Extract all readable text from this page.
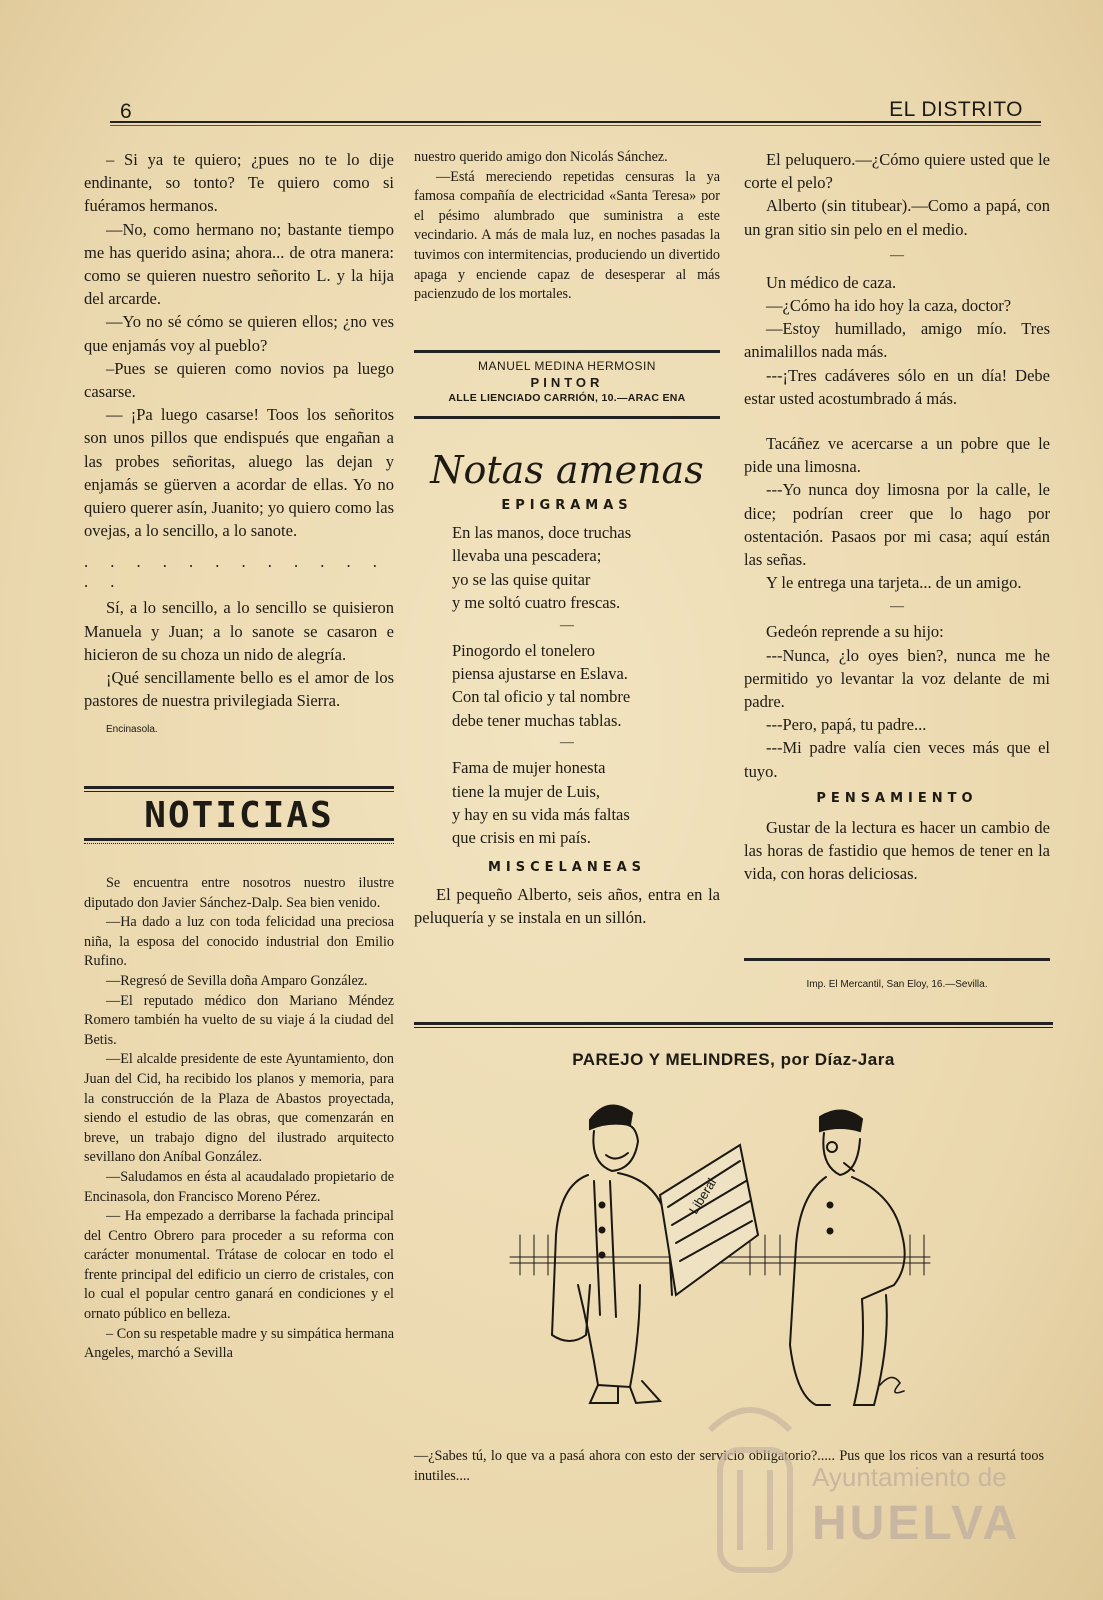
6	EL DISTRITO

– Si ya te quiero; ¿pues no te lo dije endinante, so tonto? Te quiero como si fuéramos hermanos.

—No, como hermano no; bastante tiempo me has querido asina; ahora... de otra manera: como se quieren nuestro señorito L. y la hija del arcarde.

—Yo no sé cómo se quieren ellos; ¿no ves que enjamás voy al pueblo?

–Pues se quieren como novios pa luego casarse.

— ¡Pa luego casarse! Toos los señoritos son unos pillos que endispués que engañan a las probes señoritas, aluego las dejan y enjamás se güerven a acordar de ellas. Yo no quiero querer asín, Juanito; yo quiero como las ovejas, a lo sencillo, a lo sanote.

. . . . . . . . . . . . . .

Sí, a lo sencillo, a lo sencillo se quisieron Manuela y Juan; a lo sanote se casaron e hicieron de su choza un nido de alegría.

¡Qué sencillamente bello es el amor de los pastores de nuestra privilegiada Sierra.

Encinasola.
NOTICIAS

Se encuentra entre nosotros nuestro ilustre diputado don Javier Sánchez-Dalp. Sea bien venido.

—Ha dado a luz con toda felicidad una preciosa niña, la esposa del conocido industrial don Emilio Rufino.

—Regresó de Sevilla doña Amparo González.

—El reputado médico don Mariano Méndez Romero también ha vuelto de su viaje á la ciudad del Betis.

—El alcalde presidente de este Ayuntamiento, don Juan del Cid, ha recibido los planos y memoria, para la construcción de la Plaza de Abastos proyectada, siendo el estudio de las obras, que comenzarán en breve, un trabajo digno del ilustrado arquitecto sevillano don Aníbal González.

—Saludamos en ésta al acaudalado propietario de Encinasola, don Francisco Moreno Pérez.

— Ha empezado a derribarse la fachada principal del Centro Obrero para proceder a su reforma con carácter monumental. Trátase de colocar en todo el frente principal del edificio un cierro de cristales, con lo cual el popular centro ganará en condiciones y el ornato público en belleza.

– Con su respetable madre y su simpática hermana Angeles, marchó a Sevilla

nuestro querido amigo don Nicolás Sánchez.

—Está mereciendo repetidas censuras la ya famosa compañía de electricidad «Santa Teresa» por el pésimo alumbrado que suministra a este vecindario. A más de mala luz, en noches pasadas la tuvimos con intermitencias, produciendo un divertido apaga y enciende capaz de desesperar al más pacienzudo de los mortales.

MANUEL MEDINA HERMOSIN

PINTOR

ALLE LIENCIADO CARRIÓN, 10.—ARAC ENA

Notas amenas

EPIGRAMAS

En las manos, doce truchas

llevaba una pescadera;

yo se las quise quitar

y me soltó cuatro frescas.

—

Pinogordo el tonelero

piensa ajustarse en Eslava.

Con tal oficio y tal nombre

debe tener muchas tablas.

—

Fama de mujer honesta

tiene la mujer de Luis,

y hay en su vida más faltas

que crisis en mi país.

MISCELANEAS

El pequeño Alberto, seis años, entra en la peluquería y se instala en un sillón.

El peluquero.—¿Cómo quiere usted que le corte el pelo?

Alberto (sin titubear).—Como a papá, con un gran sitio sin pelo en el medio.

—

Un médico de caza.

—¿Cómo ha ido hoy la caza, doctor?

—Estoy humillado, amigo mío. Tres animalillos nada más.

---¡Tres cadáveres sólo en un día! Debe estar usted acostumbrado á más.

Tacáñez ve acercarse a un pobre que le pide una limosna.

---Yo nunca doy limosna por la calle, le dice; podrían creer que lo hago por ostentación. Pasaos por mi casa; aquí están las señas.

Y le entrega una tarjeta... de un amigo.

—

Gedeón reprende a su hijo:

---Nunca, ¿lo oyes bien?, nunca me he permitido yo levantar la voz delante de mi padre.

---Pero, papá, tu padre...

---Mi padre valía cien veces más que el tuyo.

PENSAMIENTO

Gustar de la lectura es hacer un cambio de las horas de fastidio que hemos de tener en la vida, con horas deliciosas.

Imp. El Mercantil, San Eloy, 16.—Sevilla.

PAREJO Y MELINDRES, por Díaz-Jara
Liberal
—¿Sabes tú, lo que va a pasá ahora con esto der servicio obligatorio?..... Pus que los ricos van a resurtá toos inutiles....	Ayuntamiento de
HUELVA
